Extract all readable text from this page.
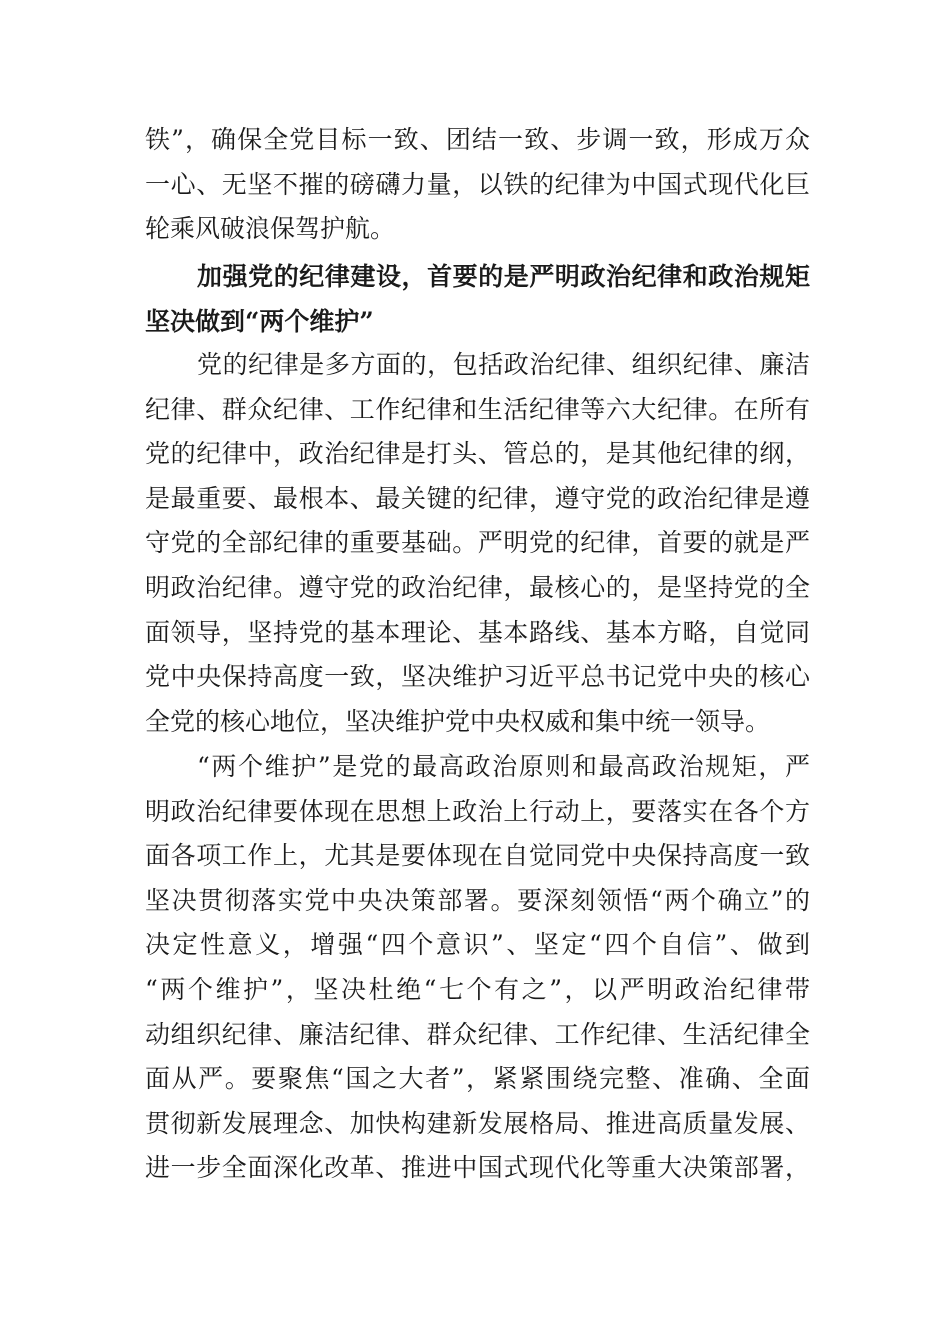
铁”，确保全党目标一致、团结一致、步调一致，形成万众
一心、无坚不摧的磅礴力量，以铁的纪律为中国式现代化巨
轮乘风破浪保驾护航。
加强党的纪律建设，首要的是严明政治纪律和政治规矩
坚决做到“两个维护”
党的纪律是多方面的，包括政治纪律、组织纪律、廉洁
纪律、群众纪律、工作纪律和生活纪律等六大纪律。在所有
党的纪律中，政治纪律是打头、管总的，是其他纪律的纲，
是最重要、最根本、最关键的纪律，遵守党的政治纪律是遵
守党的全部纪律的重要基础。严明党的纪律，首要的就是严
明政治纪律。遵守党的政治纪律，最核心的，是坚持党的全
面领导，坚持党的基本理论、基本路线、基本方略，自觉同
党中央保持高度一致，坚决维护习近平总书记党中央的核心
全党的核心地位，坚决维护党中央权威和集中统一领导。
“两个维护”是党的最高政治原则和最高政治规矩，严
明政治纪律要体现在思想上政治上行动上，要落实在各个方
面各项工作上，尤其是要体现在自觉同党中央保持高度一致
坚决贯彻落实党中央决策部署。要深刻领悟“两个确立”的
决定性意义，增强“四个意识”、坚定“四个自信”、做到
“两个维护”，坚决杜绝“七个有之”，以严明政治纪律带
动组织纪律、廉洁纪律、群众纪律、工作纪律、生活纪律全
面从严。要聚焦“国之大者”，紧紧围绕完整、准确、全面
贯彻新发展理念、加快构建新发展格局、推进高质量发展、
进一步全面深化改革、推进中国式现代化等重大决策部署，
